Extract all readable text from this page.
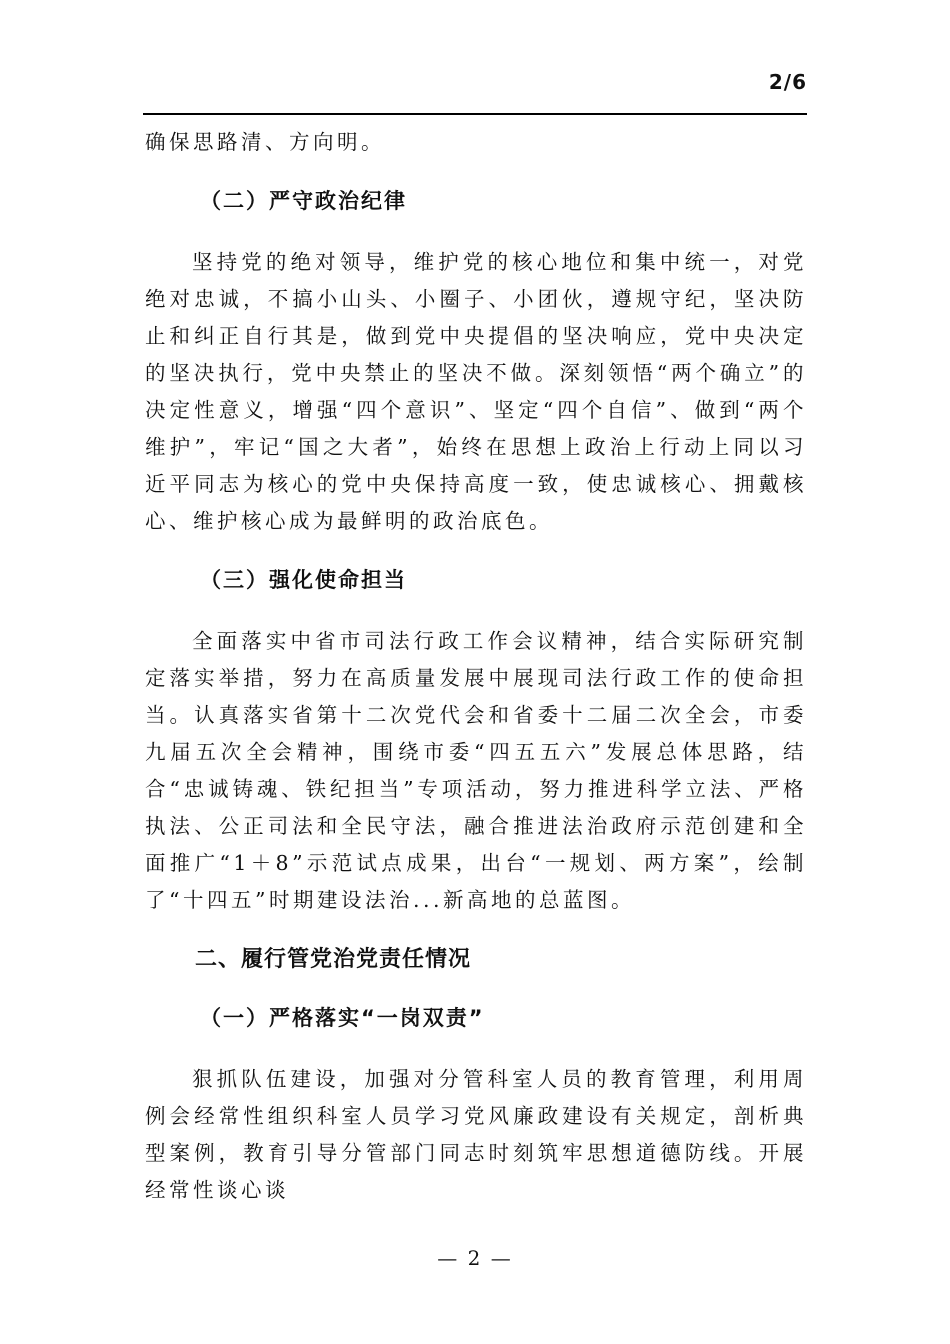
2/6

确保思路清、方向明。

（二）严守政治纪律

坚持党的绝对领导，维护党的核心地位和集中统一，对党绝对忠诚，不搞小山头、小圈子、小团伙，遵规守纪，坚决防止和纠正自行其是，做到党中央提倡的坚决响应，党中央决定的坚决执行，党中央禁止的坚决不做。深刻领悟“两个确立”的决定性意义，增强“四个意识”、坚定“四个自信”、做到“两个维护”，牢记“国之大者”，始终在思想上政治上行动上同以习近平同志为核心的党中央保持高度一致，使忠诚核心、拥戴核心、维护核心成为最鲜明的政治底色。

（三）强化使命担当

全面落实中省市司法行政工作会议精神，结合实际研究制定落实举措，努力在高质量发展中展现司法行政工作的使命担当。认真落实省第十二次党代会和省委十二届二次全会，市委九届五次全会精神，围绕市委“四五五六”发展总体思路，结合“忠诚铸魂、铁纪担当”专项活动，努力推进科学立法、严格执法、公正司法和全民守法，融合推进法治政府示范创建和全面推广“1＋8”示范试点成果，出台“一规划、两方案”，绘制了“十四五”时期建设法治...新高地的总蓝图。

二、履行管党治党责任情况
（一）严格落实“一岗双责”

狠抓队伍建设，加强对分管科室人员的教育管理，利用周例会经常性组织科室人员学习党风廉政建设有关规定，剖析典型案例，教育引导分管部门同志时刻筑牢思想道德防线。开展经常性谈心谈

— 2 —
